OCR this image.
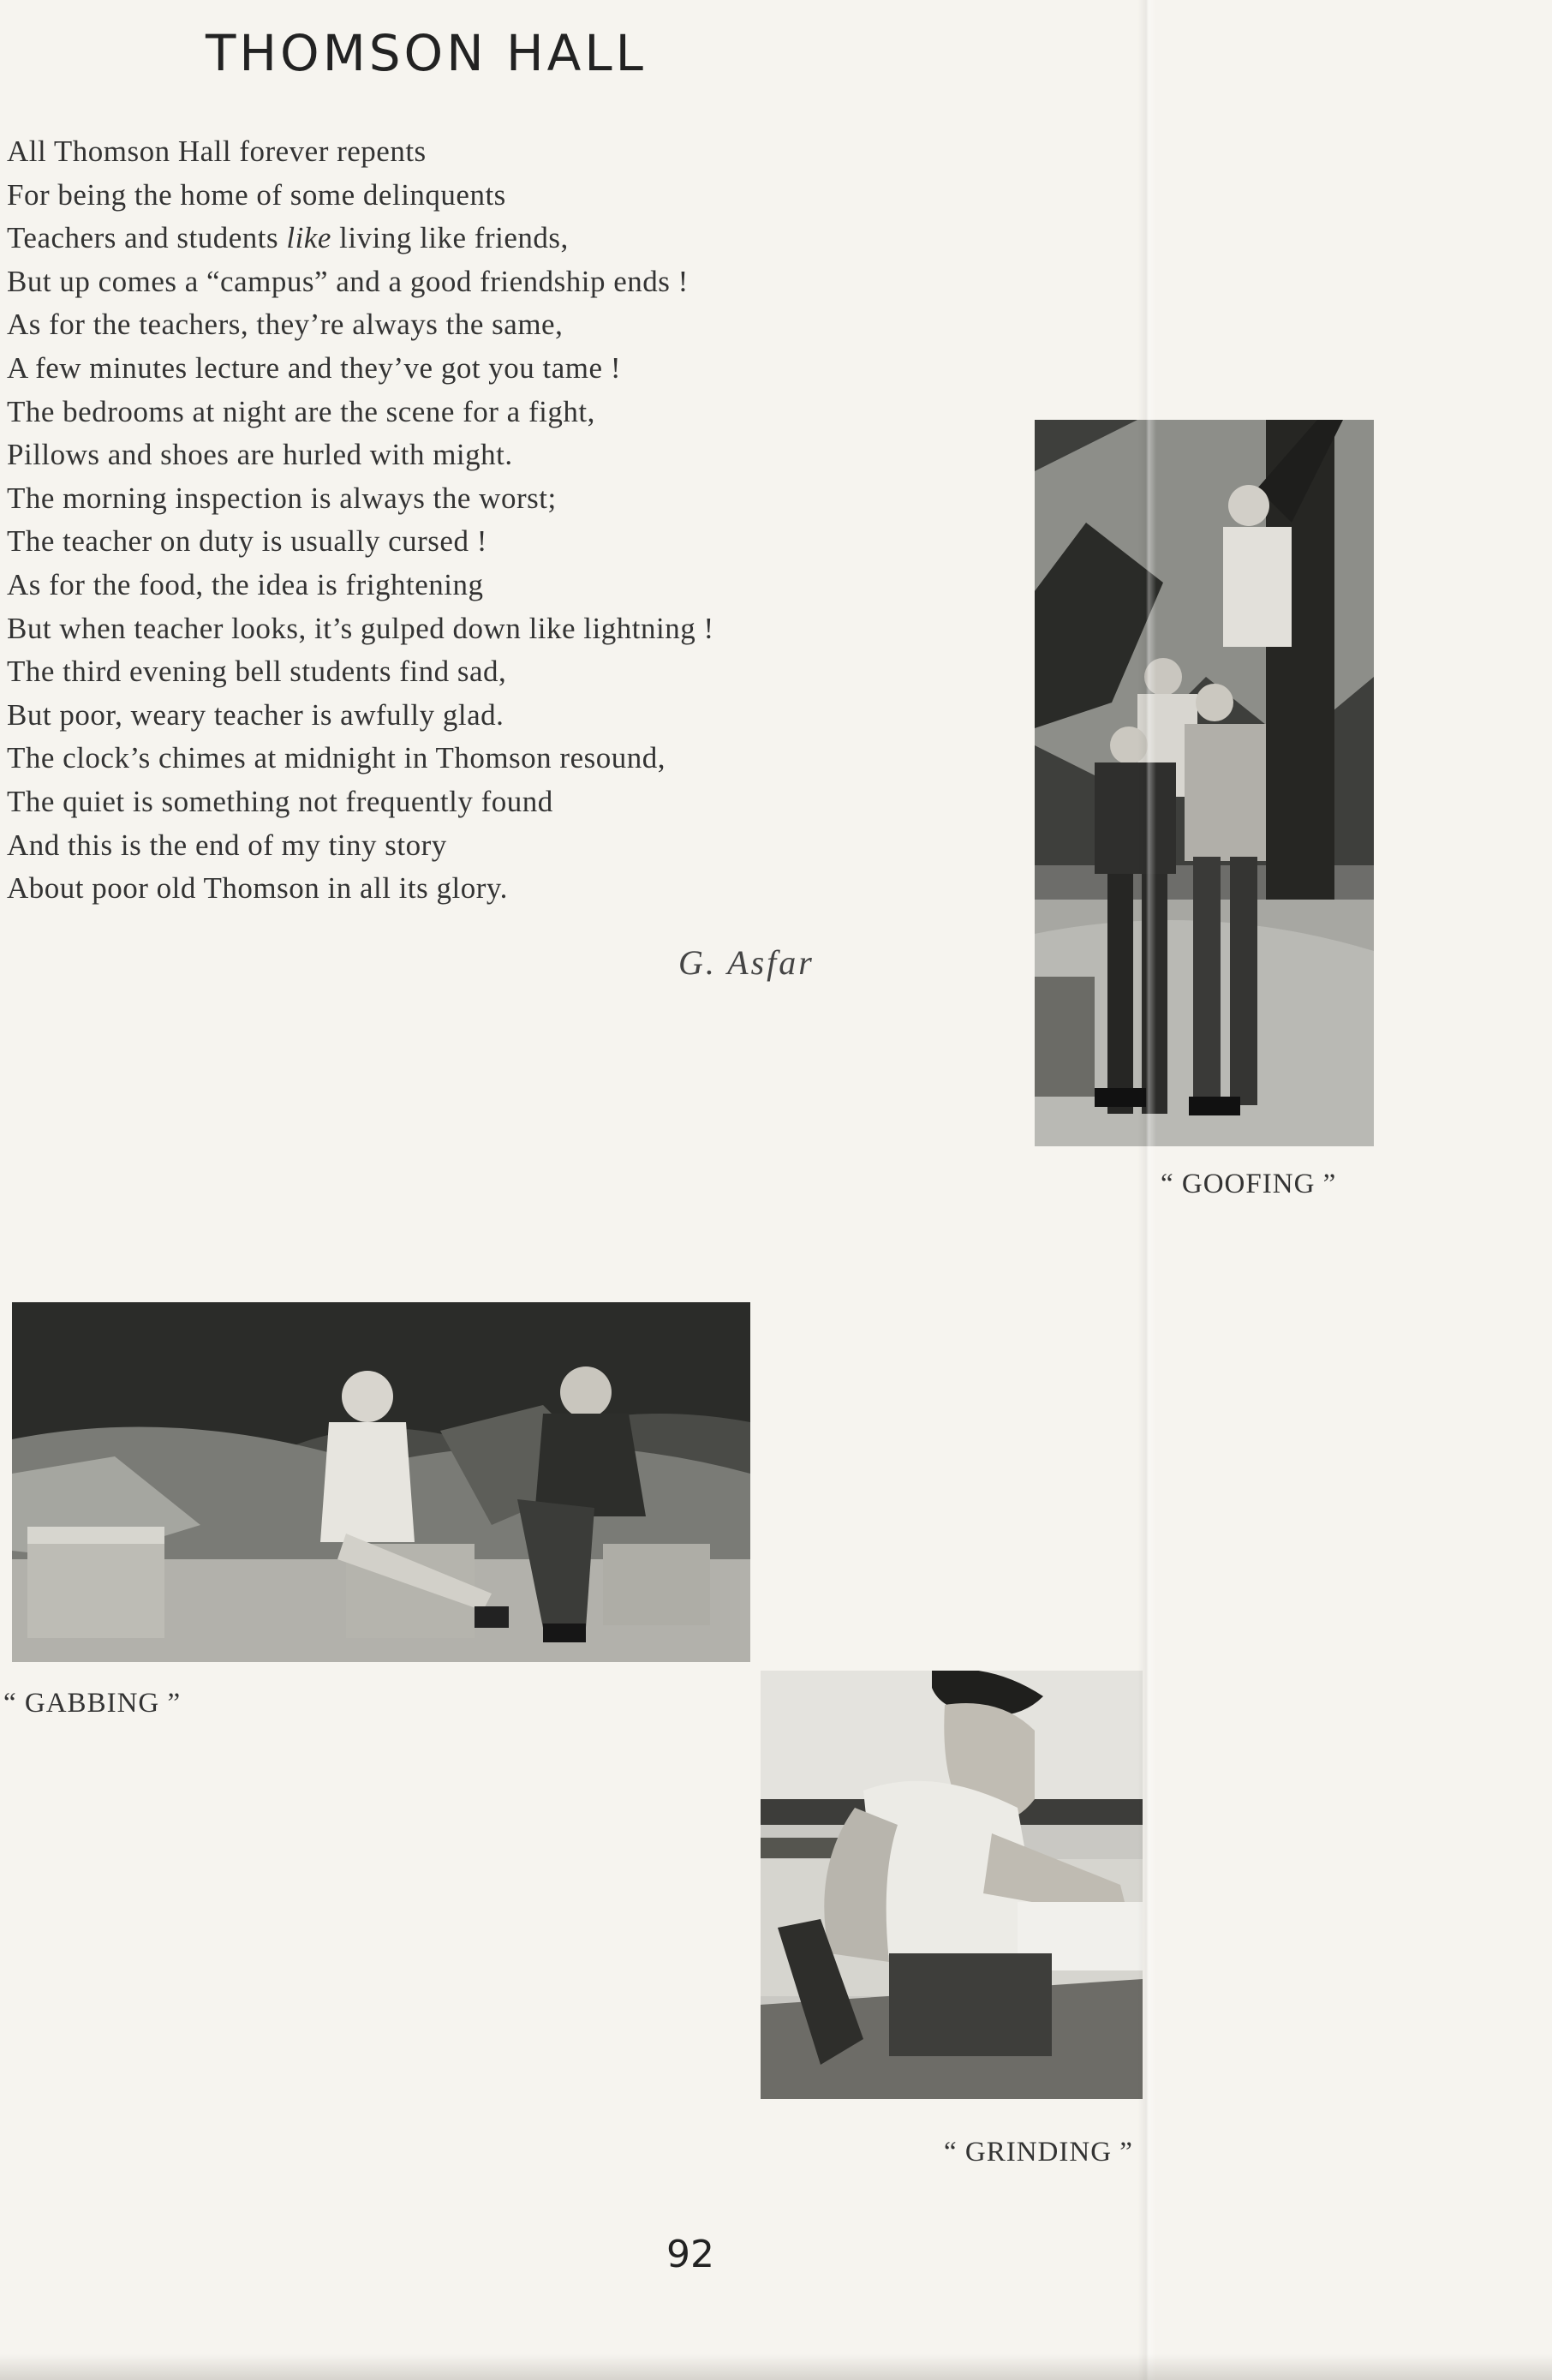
THOMSON HALL
All Thomson Hall forever repents
For being the home of some delinquents
Teachers and students like living like friends,
But up comes a “campus” and a good friendship ends !
As for the teachers, they’re always the same,
A few minutes lecture and they’ve got you tame !
The bedrooms at night are the scene for a fight,
Pillows and shoes are hurled with might.
The morning inspection is always the worst;
The teacher on duty is usually cursed !
As for the food, the idea is frightening
But when teacher looks, it’s gulped down like lightning !
The third evening bell students find sad,
But poor, weary teacher is awfully glad.
The clock’s chimes at midnight in Thomson resound,
The quiet is something not frequently found
And this is the end of my tiny story
About poor old Thomson in all its glory.
G. Asfar
“ GOOFING ”
“ GABBING ”
“ GRINDING ”
92
